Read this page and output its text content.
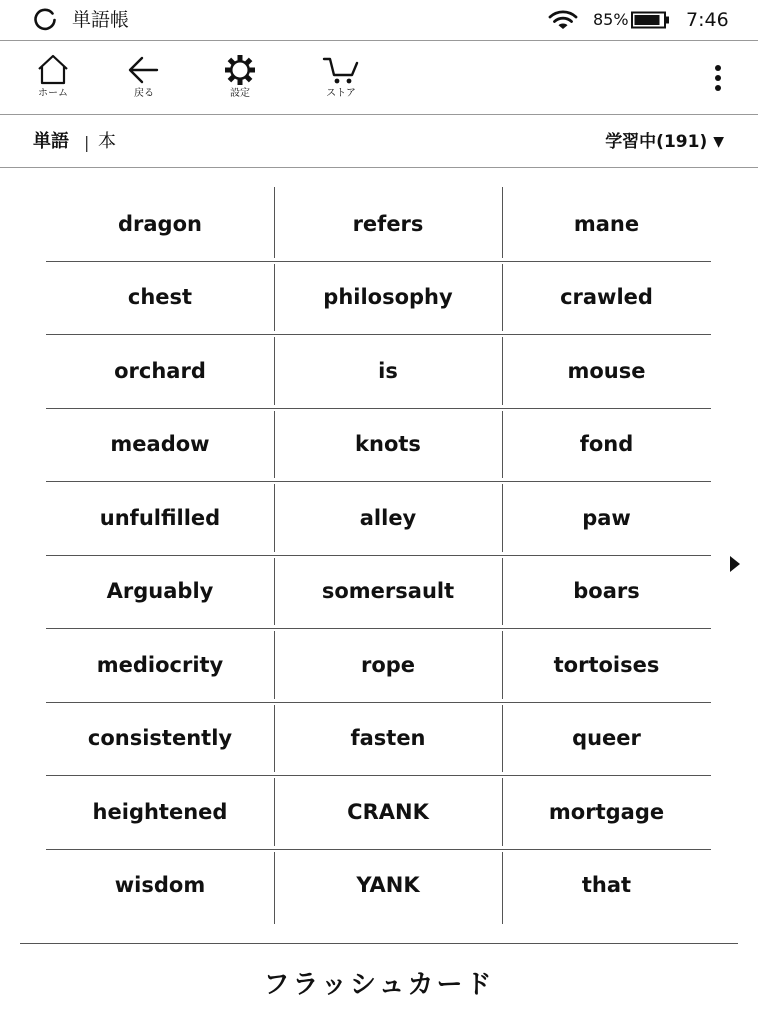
単語帳	85%	7:46
ホーム	戻る	設定	ストア
単語 | 本	学習中(191) ▼
dragon	refers	mane
chest	philosophy	crawled
orchard	is	mouse
meadow	knots	fond
unfulfilled	alley	paw
Arguably	somersault	boars
mediocrity	rope	tortoises
consistently	fasten	queer
heightened	CRANK	mortgage
wisdom	YANK	that
フラッシュカード
